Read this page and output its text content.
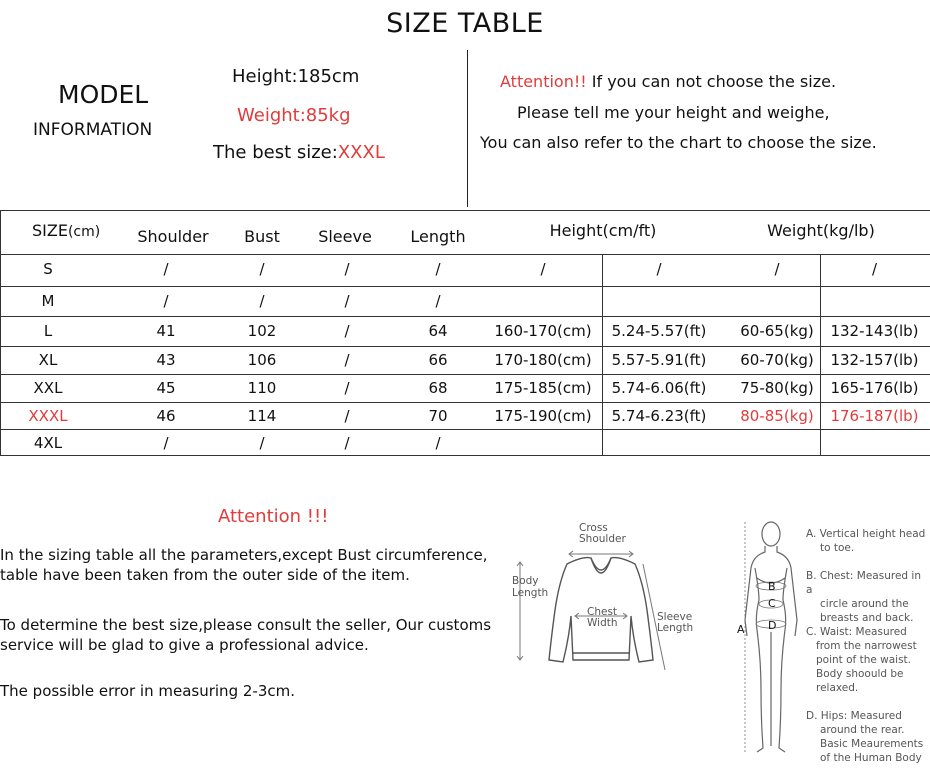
SIZE TABLE
MODEL
INFORMATION
Height:185cm
Weight:85kg
The best size:XXXL
Attention!! If you can not choose the size.
Please tell me your height and weighe,
You can also refer to the chart to choose the size.
SIZE(cm)	Shoulder	Bust	Sleeve	Length	Height(cm/ft)	Weight(kg/lb)
S	/	/	/	/	/	/	/	/
M	/	/	/	/
L	41	102	/	64	160-170(cm)	5.24-5.57(ft)	60-65(kg)	132-143(lb)
XL	43	106	/	66	170-180(cm)	5.57-5.91(ft)	60-70(kg)	132-157(lb)
XXL	45	110	/	68	175-185(cm)	5.74-6.06(ft)	75-80(kg)	165-176(lb)
XXXL	46	114	/	70	175-190(cm)	5.74-6.23(ft)	80-85(kg)	176-187(lb)
4XL	/	/	/	/
Attention !!!
In the sizing table all the parameters,except Bust circumference,
table have been taken from the outer side of the item.
To determine the best size,please consult the seller, Our customs
service will be glad to give a professional advice.
The possible error in measuring 2-3cm.
Cross
Shoulder
Body
Length
Chest
Width	Sleeve
Length	A
B
C
D
A. Vertical height head
to toe.
B. Chest: Measured in a
circle around the
breasts and back.
C. Waist: Measured
from the narrowest
point of the waist.
Body shoould be
relaxed.
D. Hips: Measured
around the rear.
Basic Meaurements
of the Human Body
